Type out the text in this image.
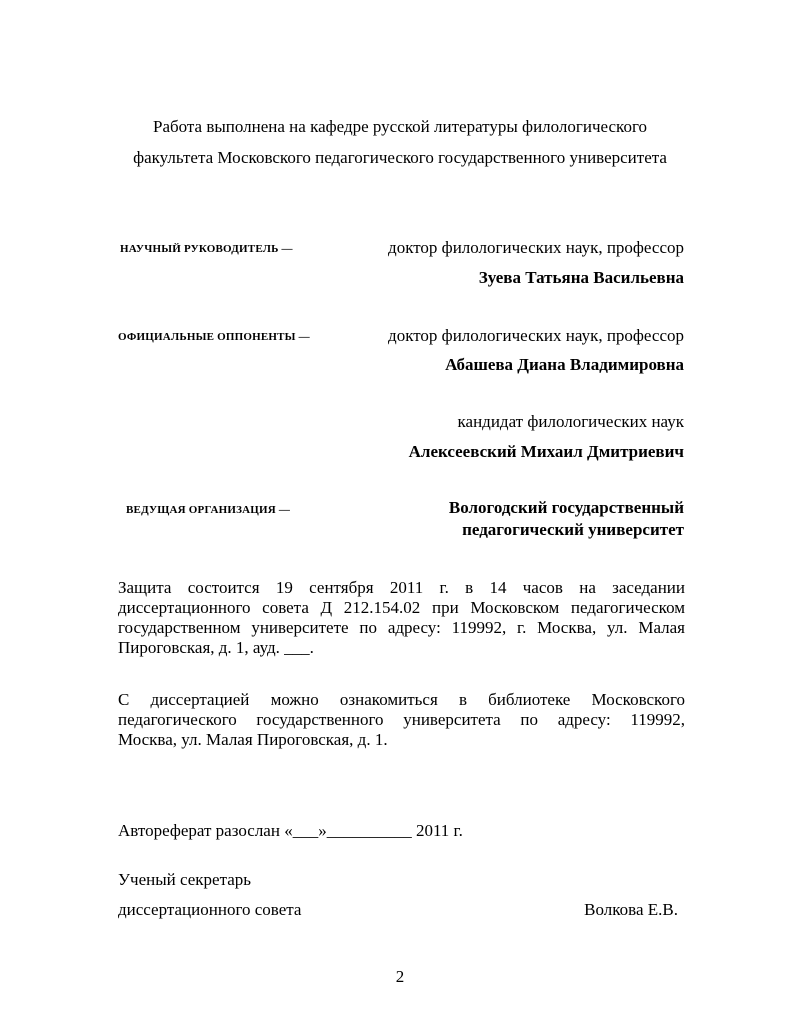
Работа выполнена на кафедре русской литературы филологического
факультета Московского педагогического государственного университета
НАУЧНЫЙ РУКОВОДИТЕЛЬ —	доктор филологических наук, профессор
Зуева Татьяна Васильевна
ОФИЦИАЛЬНЫЕ ОППОНЕНТЫ —	доктор филологических наук, профессор
Абашева Диана Владимировна
кандидат филологических наук
Алексеевский Михаил Дмитриевич
ВЕДУЩАЯ ОРГАНИЗАЦИЯ —	Вологодский государственный
педагогический университет
Защита состоится 19 сентября 2011 г. в 14 часов на заседании
диссертационного совета Д 212.154.02 при Московском педагогическом
государственном университете по адресу: 119992, г. Москва, ул. Малая
Пироговская, д. 1, ауд. ___.
С диссертацией можно ознакомиться в библиотеке Московского
педагогического государственного университета по адресу: 119992,
Москва, ул. Малая Пироговская, д. 1.
Автореферат разослан «___»__________ 2011 г.
Ученый секретарь
диссертационного совета	Волкова Е.В.
2
